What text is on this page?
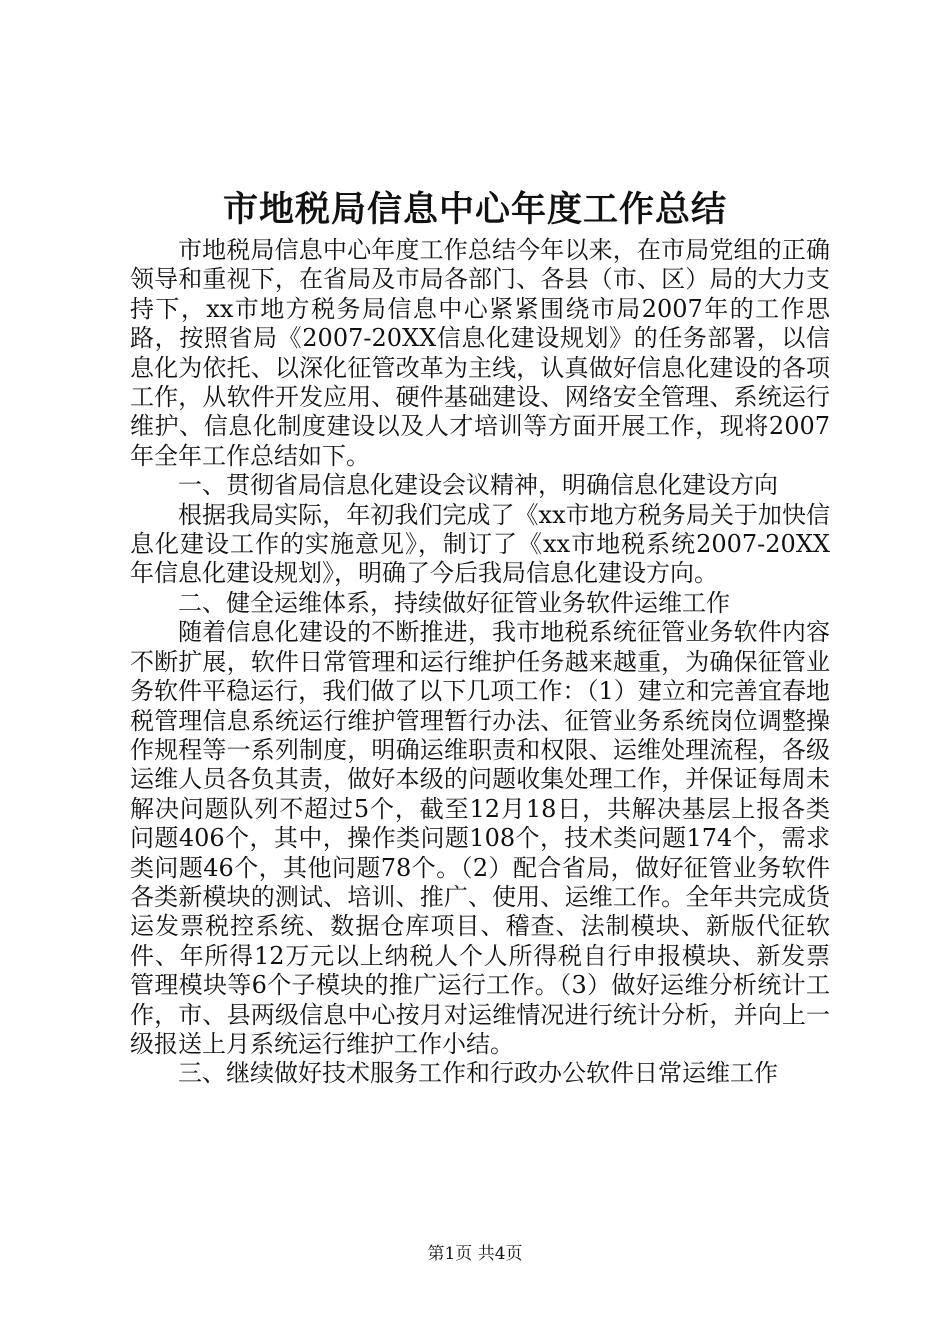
市地税局信息中心年度工作总结

市地税局信息中心年度工作总结今年以来，在市局党组的正确领导和重视下，在省局及市局各部门、各县（市、区）局的大力支持下，xx市地方税务局信息中心紧紧围绕市局2007年的工作思路，按照省局《2007-20XX信息化建设规划》的任务部署，以信息化为依托、以深化征管改革为主线，认真做好信息化建设的各项工作，从软件开发应用、硬件基础建设、网络安全管理、系统运行维护、信息化制度建设以及人才培训等方面开展工作，现将2007年全年工作总结如下。

一、贯彻省局信息化建设会议精神，明确信息化建设方向

根据我局实际，年初我们完成了《xx市地方税务局关于加快信息化建设工作的实施意见》，制订了《xx市地税系统2007-20XX年信息化建设规划》，明确了今后我局信息化建设方向。

二、健全运维体系，持续做好征管业务软件运维工作

随着信息化建设的不断推进，我市地税系统征管业务软件内容不断扩展，软件日常管理和运行维护任务越来越重，为确保征管业务软件平稳运行，我们做了以下几项工作：（1）建立和完善宜春地税管理信息系统运行维护管理暂行办法、征管业务系统岗位调整操作规程等一系列制度，明确运维职责和权限、运维处理流程，各级运维人员各负其责，做好本级的问题收集处理工作，并保证每周未解决问题队列不超过5个，截至12月18日，共解决基层上报各类问题406个，其中，操作类问题108个，技术类问题174个，需求类问题46个，其他问题78个。（2）配合省局，做好征管业务软件各类新模块的测试、培训、推广、使用、运维工作。全年共完成货运发票税控系统、数据仓库项目、稽查、法制模块、新版代征软件、年所得12万元以上纳税人个人所得税自行申报模块、新发票管理模块等6个子模块的推广运行工作。（3）做好运维分析统计工作，市、县两级信息中心按月对运维情况进行统计分析，并向上一级报送上月系统运行维护工作小结。

三、继续做好技术服务工作和行政办公软件日常运维工作

第1页 共4页
